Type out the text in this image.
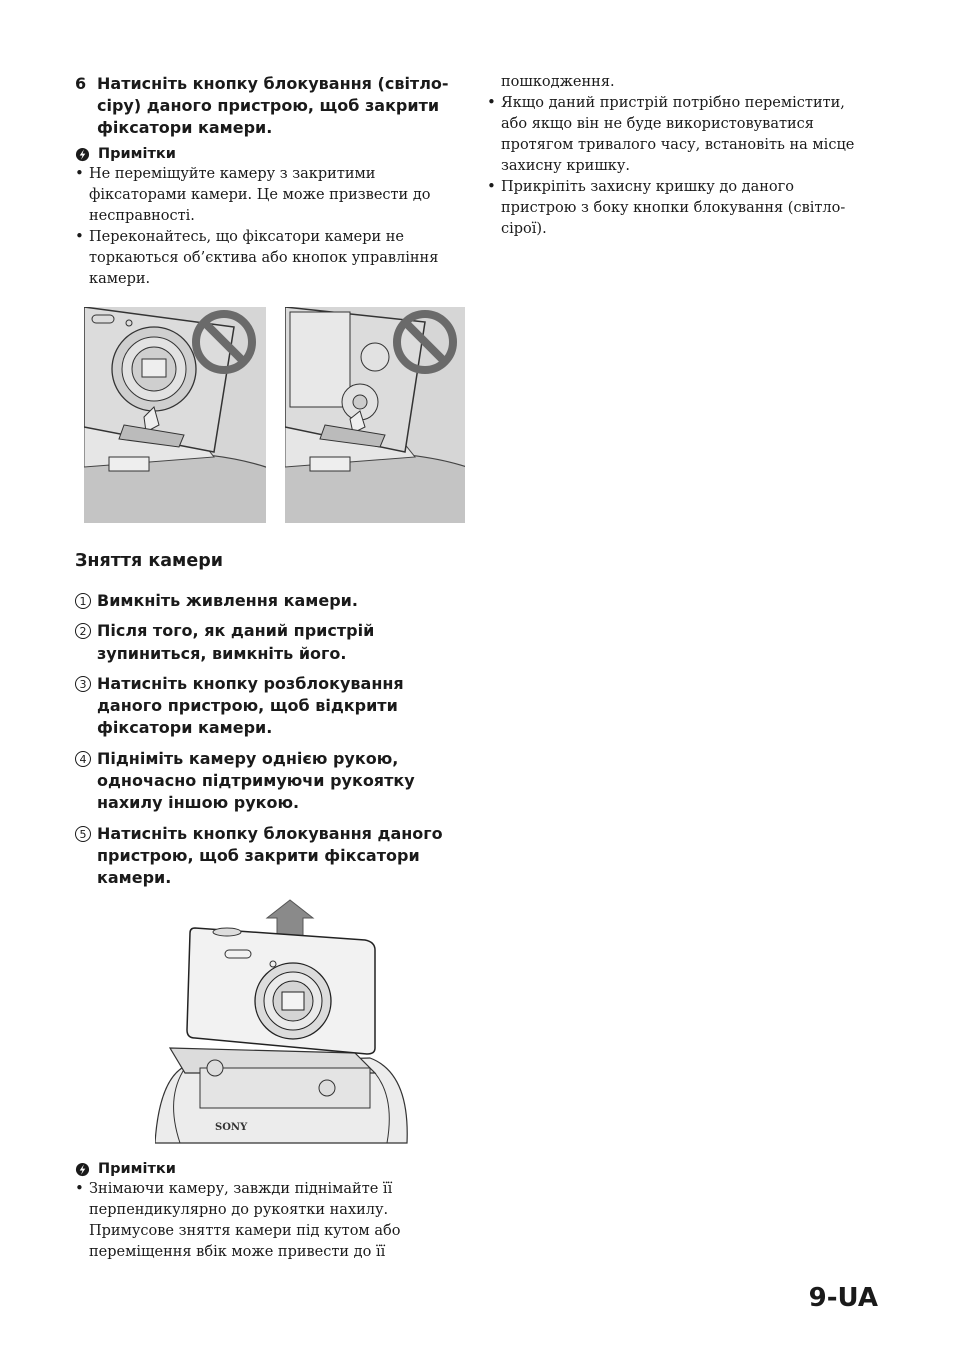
6 Натисніть кнопку блокування (світло-сіру) даного пристрою, щоб закрити фіксатори камери.
Примітки
• Не переміщуйте камеру з закритими фіксаторами камери. Це може призвести до несправності.
• Переконайтесь, що фіксатори камери не торкаються об’єктива або кнопок управління камери.
Зняття камери
1 Вимкніть живлення камери.
2 Після того, як даний пристрій зупиниться, вимкніть його.
3 Натисніть кнопку розблокування даного пристрою, щоб відкрити фіксатори камери.
4 Підніміть камеру однією рукою, одночасно підтримуючи рукоятку нахилу іншою рукою.
5 Натисніть кнопку блокування даного пристрою, щоб закрити фіксатори камери.
SONY
Примітки
• Знімаючи камеру, завжди піднімайте її перпендикулярно до рукоятки нахилу. Примусове зняття камери під кутом або переміщення вбік може привести до її
пошкодження.
• Якщо даний пристрій потрібно перемістити, або якщо він не буде використовуватися протягом тривалого часу, встановіть на місце захисну кришку.
• Прикріпіть захисну кришку до даного пристрою з боку кнопки блокування (світло-сірої).
9-UA
